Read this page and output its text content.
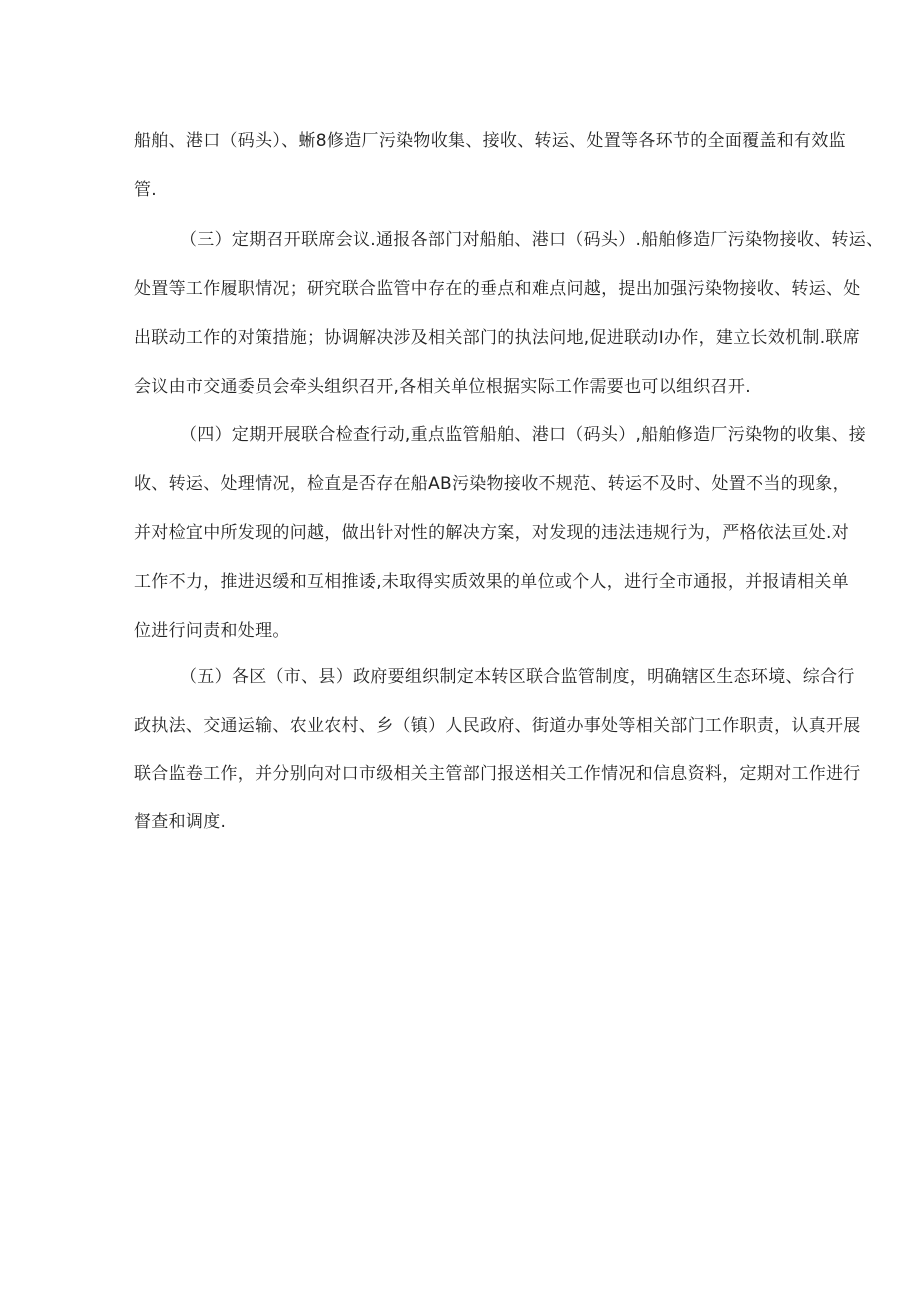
船舶、港口（码头）、蜥8修造厂污染物收集、接收、转运、处置等各环节的全面覆盖和有效监
管.
（三）定期召开联席会议.通报各部门对船舶、港口（码头）.船舶修造厂污染物接收、转运、
处置等工作履职情况；研究联合监管中存在的垂点和难点问越，提出加强污染物接收、转运、处
出联动工作的对策措施；协调解决涉及相关部门的执法问地,促进联动I办作，建立长效机制.联席
会议由市交通委员会牵头组织召开,各相关单位根据实际工作需要也可以组织召开.
（四）定期开展联合检查行动,重点监管船舶、港口（码头）,船舶修造厂污染物的收集、接
收、转运、处理情况，检直是否存在船AB污染物接收不规范、转运不及时、处置不当的现象，
并对检宜中所发现的问越，做出针对性的解决方案，对发现的违法违规行为，严格依法亘处.对
工作不力，推进迟缓和互相推诿,未取得实质效果的单位或个人，进行全市通报，并报请相关单
位进行问责和处理。
（五）各区（市、县）政府要组织制定本转区联合监管制度，明确辖区生态环境、综合行
政执法、交通运输、农业农村、乡（镇）人民政府、街道办事处等相关部门工作职责，认真开展
联合监卷工作，并分别向对口市级相关主管部门报送相关工作情况和信息资料，定期对工作进行
督查和调度.
